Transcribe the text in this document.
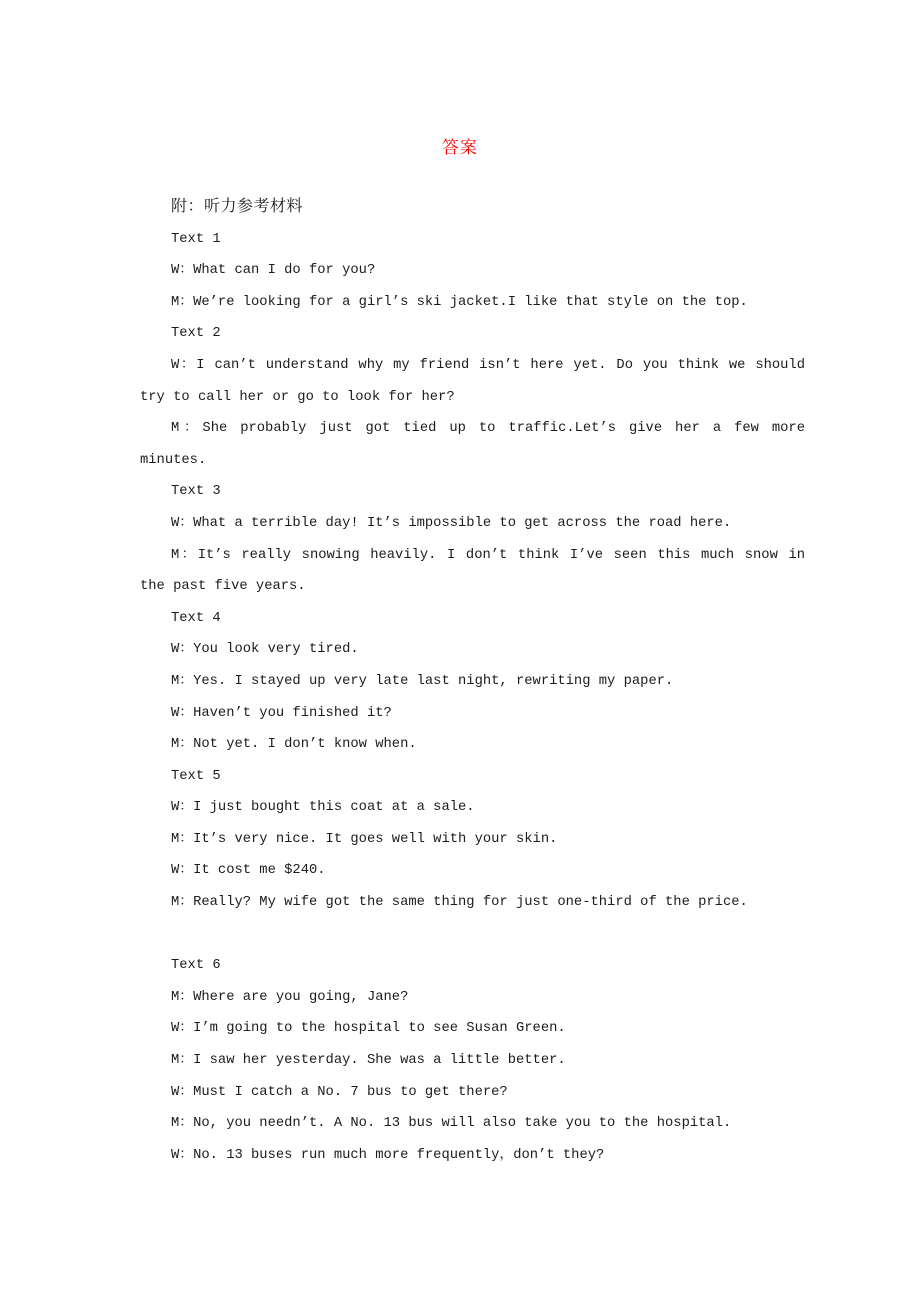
答案

附：听力参考材料

Text 1

W：What can I do for you?

M：We’re looking for a girl’s ski jacket.I like that style on the top.

Text 2

W：I can’t understand why my friend isn’t here yet. Do you think we should try to call her or go to look for her?

M：She probably just got tied up to traffic.Let’s give her a few more minutes.

Text 3

W：What a terrible day! It’s impossible to get across the road here.

M：It’s really snowing heavily. I don’t think I’ve seen this much snow in the past five years.

Text 4

W：You look very tired.

M：Yes. I stayed up very late last night, rewriting my paper.

W：Haven’t you finished it?

M：Not yet. I don’t know when.

Text 5

W：I just bought this coat at a sale.

M：It’s very nice. It goes well with your skin.

W：It cost me $240.

M：Really? My wife got the same thing for just one-third of the price.

Text 6

M：Where are you going, Jane?

W：I’m going to the hospital to see Susan Green.

M：I saw her yesterday. She was a little better.

W：Must I catch a No. 7 bus to get there?

M：No, you needn’t. A No. 13 bus will also take you to the hospital.

W：No. 13 buses run much more frequently，don’t they?
